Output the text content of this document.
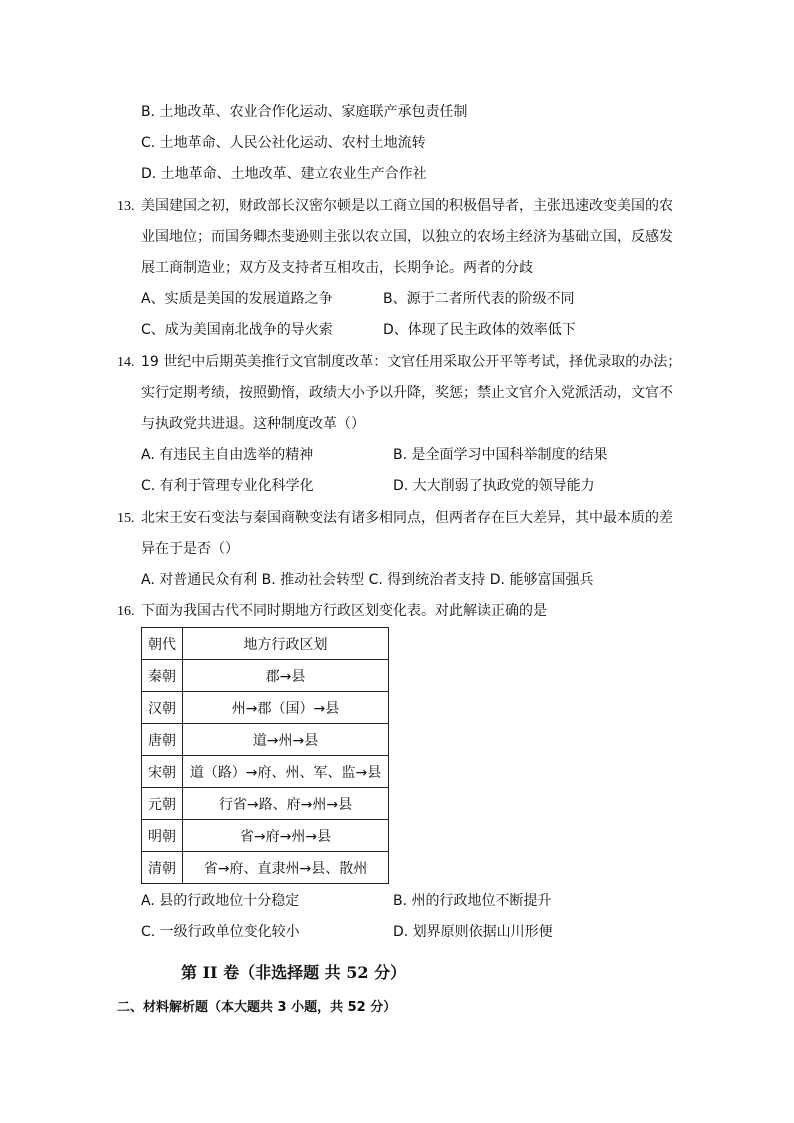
B. 土地改革、农业合作化运动、家庭联产承包责任制
C. 土地革命、人民公社化运动、农村土地流转
D. 土地革命、土地改革、建立农业生产合作社
13. 美国建国之初，财政部长汉密尔顿是以工商立国的积极倡导者，主张迅速改变美国的农
业国地位；而国务卿杰斐逊则主张以农立国，以独立的农场主经济为基础立国，反感发
展工商制造业；双方及支持者互相攻击，长期争论。两者的分歧
A、实质是美国的发展道路之争	B、源于二者所代表的阶级不同
C、成为美国南北战争的导火索	D、体现了民主政体的效率低下
14. 19 世纪中后期英美推行文官制度改革：文官任用采取公开平等考试，择优录取的办法；
实行定期考绩，按照勤惰，政绩大小予以升降，奖惩；禁止文官介入党派活动，文官不
与执政党共进退。这种制度改革（）
A. 有违民主自由选举的精神	B. 是全面学习中国科举制度的结果
C. 有利于管理专业化科学化	D. 大大削弱了执政党的领导能力
15. 北宋王安石变法与秦国商鞅变法有诸多相同点，但两者存在巨大差异，其中最本质的差
异在于是否（）
A. 对普通民众有利 B. 推动社会转型 C. 得到统治者支持 D. 能够富国强兵
16. 下面为我国古代不同时期地方行政区划变化表。对此解读正确的是
朝代	地方行政区划
秦朝	郡→县
汉朝	州→郡（国）→县
唐朝	道→州→县
宋朝	道（路）→府、州、军、监→县
元朝	行省→路、府→州→县
明朝	省→府→州→县
清朝	省→府、直隶州→县、散州
A. 县的行政地位十分稳定	B. 州的行政地位不断提升
C. 一级行政单位变化较小	D. 划界原则依据山川形便
第 II 卷（非选择题 共 52 分）
二、材料解析题（本大题共 3 小题，共 52 分）
